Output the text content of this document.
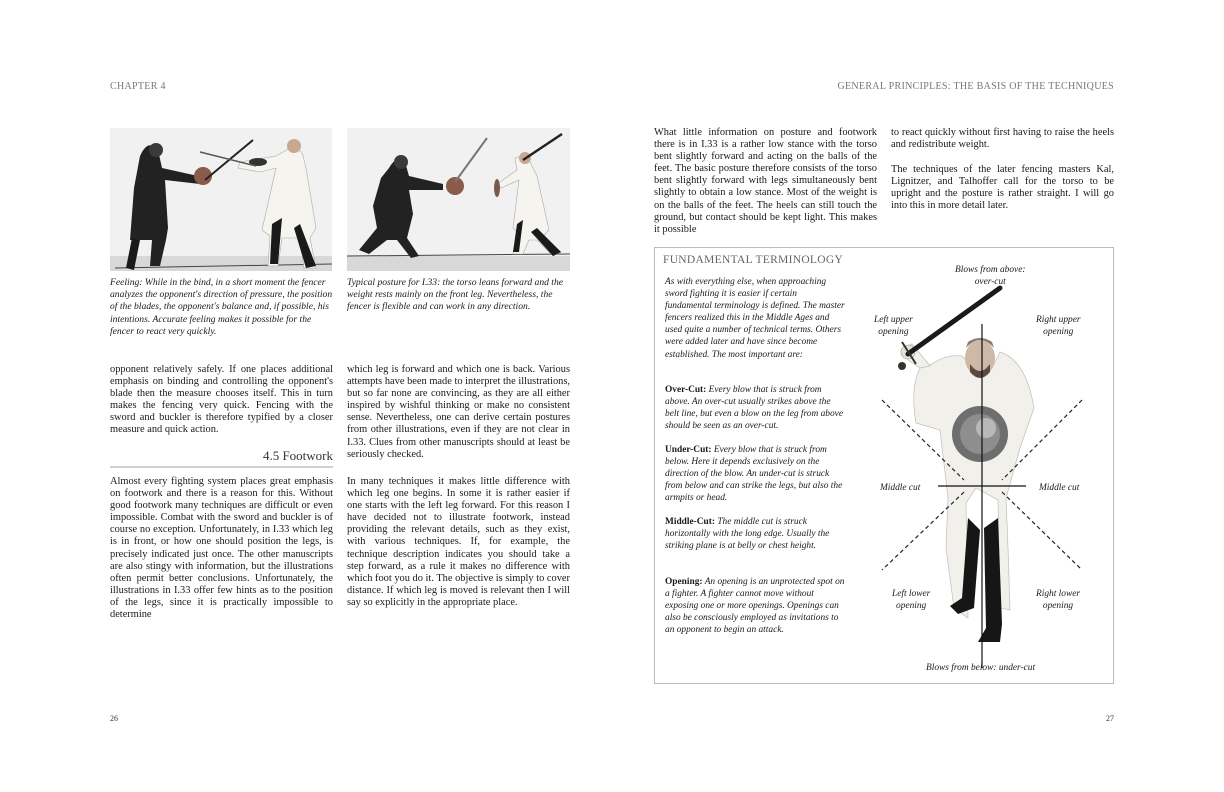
CHAPTER 4
Feeling: While in the bind, in a short moment the fencer analyzes the opponent's direction of pressure, the position of the blades, the opponent's balance and, if possible, his intentions. Accurate feeling makes it possible for the fencer to react very quickly.
Typical posture for I.33: the torso leans forward and the weight rests mainly on the front leg. Nevertheless, the fencer is flexible and can work in any direction.

opponent relatively safely. If one places additional emphasis on binding and controlling the opponent's blade then the measure chooses itself. This in turn makes the fencing very quick. Fencing with the sword and buckler is therefore typified by a closer measure and quick action.

4.5 Footwork

Almost every fighting system places great emphasis on footwork and there is a reason for this. Without good footwork many techniques are difficult or even impossible. Combat with the sword and buckler is of course no exception. Unfortunately, in I.33 which leg is in front, or how one should position the legs, is precisely indicated just once. The other manuscripts are also stingy with information, but the illustrations often permit better conclusions. Unfortunately, the illustrations in I.33 offer few hints as to the position of the legs, since it is practically impossible to determine

which leg is forward and which one is back. Various attempts have been made to interpret the illustrations, but so far none are convincing, as they are all either inspired by wishful thinking or make no consistent sense. Nevertheless, one can derive certain postures from other illustrations, even if they are not clear in I.33. Clues from other manuscripts should at least be seriously checked.

In many techniques it makes little difference with which leg one begins. In some it is rather easier if one starts with the left leg forward. For this reason I have decided not to illustrate footwork, instead providing the relevant details, such as they exist, with various techniques. If, for example, the technique description indicates you should take a step forward, as a rule it makes no difference with which foot you do it. The objective is simply to cover distance. If which leg is moved is relevant then I will say so explicitly in the appropriate place.

26
GENERAL PRINCIPLES: THE BASIS OF THE TECHNIQUES
27

What little information on posture and footwork there is in I.33 is a rather low stance with the torso bent slightly forward and acting on the balls of the feet. The basic posture therefore consists of the torso bent slightly forward with legs simultaneously bent slightly to obtain a low stance. Most of the weight is on the balls of the feet. The heels can still touch the ground, but contact should be kept light. This makes it possible

to react quickly without first having to raise the heels and redistribute weight.

The techniques of the later fencing masters Kal, Lignitzer, and Talhoffer call for the torso to be upright and the posture is rather straight. I will go into this in more detail later.

FUNDAMENTAL TERMINOLOGY
As with everything else, when approaching sword fighting it is easier if certain fundamental terminology is defined. The master fencers realized this in the Middle Ages and used quite a number of technical terms. Others were added later and have since become established. The most important are:
Over-Cut: Every blow that is struck from above. An over-cut usually strikes above the belt line, but even a blow on the leg from above should be seen as an over-cut.
Under-Cut: Every blow that is struck from below. Here it depends exclusively on the direction of the blow. An under-cut is struck from below and can strike the legs, but also the armpits or head.
Middle-Cut: The middle cut is struck horizontally with the long edge. Usually the striking plane is at belly or chest height.
Opening: An opening is an unprotected spot on a fighter. A fighter cannot move without exposing one or more openings. Openings can also be consciously employed as invitations to an opponent to begin an attack.
Blows from above:
over-cut
Left upper
opening
Right upper
opening
Middle cut	Middle cut
Left lower
opening
Right lower
opening
Blows from below: under-cut
